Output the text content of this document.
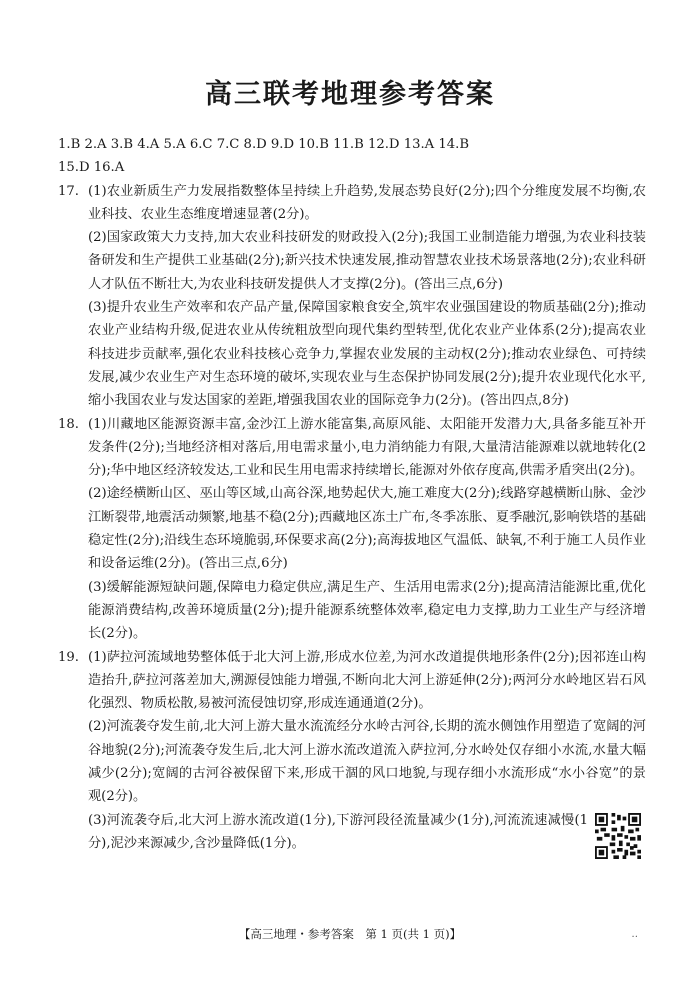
高三联考地理参考答案
1.B 2.A 3.B 4.A 5.A 6.C 7.C 8.D 9.D 10.B 11.B 12.D 13.A 14.B
15.D 16.A
17. (1)农业新质生产力发展指数整体呈持续上升趋势,发展态势良好(2分);四个分维度发展不均衡,农业科技、农业生态维度增速显著(2分)。

(2)国家政策大力支持,加大农业科技研发的财政投入(2分);我国工业制造能力增强,为农业科技装备研发和生产提供工业基础(2分);新兴技术快速发展,推动智慧农业技术场景落地(2分);农业科研人才队伍不断壮大,为农业科技研发提供人才支撑(2分)。(答出三点,6分)

(3)提升农业生产效率和农产品产量,保障国家粮食安全,筑牢农业强国建设的物质基础(2分);推动农业产业结构升级,促进农业从传统粗放型向现代集约型转型,优化农业产业体系(2分);提高农业科技进步贡献率,强化农业科技核心竞争力,掌握农业发展的主动权(2分);推动农业绿色、可持续发展,减少农业生产对生态环境的破坏,实现农业与生态保护协同发展(2分);提升农业现代化水平,缩小我国农业与发达国家的差距,增强我国农业的国际竞争力(2分)。(答出四点,8分)

18. (1)川藏地区能源资源丰富,金沙江上游水能富集,高原风能、太阳能开发潜力大,具备多能互补开发条件(2分);当地经济相对落后,用电需求量小,电力消纳能力有限,大量清洁能源难以就地转化(2分);华中地区经济较发达,工业和民生用电需求持续增长,能源对外依存度高,供需矛盾突出(2分)。

(2)途经横断山区、巫山等区域,山高谷深,地势起伏大,施工难度大(2分);线路穿越横断山脉、金沙江断裂带,地震活动频繁,地基不稳(2分);西藏地区冻土广布,冬季冻胀、夏季融沉,影响铁塔的基础稳定性(2分);沿线生态环境脆弱,环保要求高(2分);高海拔地区气温低、缺氧,不利于施工人员作业和设备运维(2分)。(答出三点,6分)

(3)缓解能源短缺问题,保障电力稳定供应,满足生产、生活用电需求(2分);提高清洁能源比重,优化能源消费结构,改善环境质量(2分);提升能源系统整体效率,稳定电力支撑,助力工业生产与经济增长(2分)。

19. (1)萨拉河流域地势整体低于北大河上游,形成水位差,为河水改道提供地形条件(2分);因祁连山构造抬升,萨拉河落差加大,溯源侵蚀能力增强,不断向北大河上游延伸(2分);两河分水岭地区岩石风化强烈、物质松散,易被河流侵蚀切穿,形成连通通道(2分)。

(2)河流袭夺发生前,北大河上游大量水流流经分水岭古河谷,长期的流水侧蚀作用塑造了宽阔的河谷地貌(2分);河流袭夺发生后,北大河上游水流改道流入萨拉河,分水岭处仅存细小水流,水量大幅减少(2分);宽阔的古河谷被保留下来,形成干涸的风口地貌,与现存细小水流形成“水小谷宽”的景观(2分)。

(3)河流袭夺后,北大河上游水流改道(1分),下游河段径流量减少(1分),河流流速减慢(1分),泥沙来源减少,含沙量降低(1分)。

【高三地理・参考答案　第 1 页(共 1 页)】	‥
